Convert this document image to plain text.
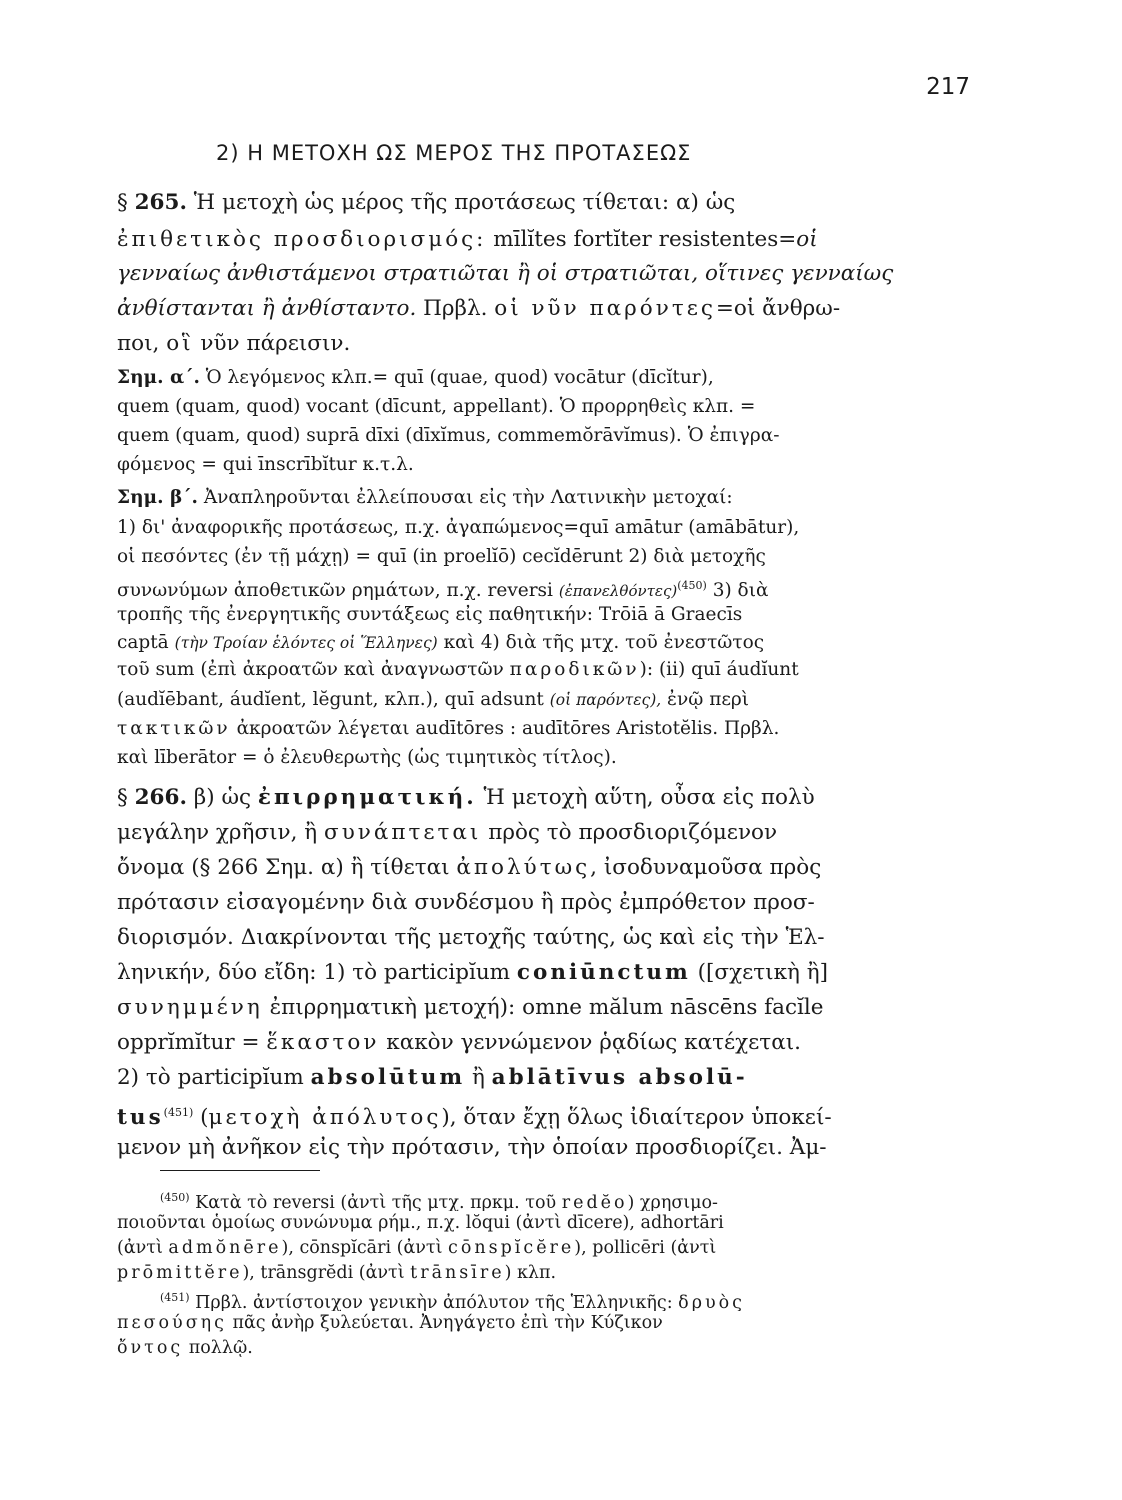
217
2) Η ΜΕΤΟΧΗ ΩΣ ΜΕΡΟΣ ΤΗΣ ΠΡΟΤΑΣΕΩΣ
§ 265. Ἡ μετοχὴ ὡς μέρος τῆς προτάσεως τίθεται: α) ὡς
ἐπιθετικὸς προσδιορισμός: mīlĭtes fortĭter resistentes=οἱ
γενναίως ἀνθιστάμενοι στρατιῶται ἢ οἱ στρατιῶται, οἵτινες γενναίως
ἀνθίστανται ἢ ἀνθίσταντο. Πρβλ. οἱ νῦν παρόντες=οἱ ἄνθρω-
ποι, οἳ νῦν πάρεισιν.
Σημ. α΄. Ὁ λεγόμενος κλπ.= quī (quae, quod) vocātur (dīcĭtur),
quem (quam, quod) vocant (dīcunt, appellant). Ὁ προρρηθεὶς κλπ. =
quem (quam, quod) suprā dīxi (dīxĭmus, commemŏrāvĭmus). Ὁ ἐπιγρα-
φόμενος = qui īnscrībĭtur κ.τ.λ.
Σημ. β΄. Ἀναπληροῦνται ἐλλείπουσαι εἰς τὴν Λατινικὴν μετοχαί:
1) δι' ἀναφορικῆς προτάσεως, π.χ. ἀγαπώμενος=quī amātur (amābātur),
οἱ πεσόντες (ἐν τῇ μάχῃ) = quī (in proelĭō) cecĭdērunt 2) διὰ μετοχῆς
συνωνύμων ἀποθετικῶν ρημάτων, π.χ. reversi (ἐπανελθόντες)$^{(450)}$ 3) διὰ
τροπῆς τῆς ἐνεργητικῆς συντάξεως εἰς παθητικήν: Trōiā ā Graecīs
captā (τὴν Τροίαν ἑλόντες οἱ Ἕλληνες) καὶ 4) διὰ τῆς μτχ. τοῦ ἐνεστῶτος
τοῦ sum (ἐπὶ ἀκροατῶν καὶ ἀναγνωστῶν παροδικῶν): (ii) quī áudĭunt
(audĭēbant, áudĭent, lĕgunt, κλπ.), quī adsunt (οἱ παρόντες), ἐνῷ περὶ
τακτικῶν ἀκροατῶν λέγεται audītōres : audītōres Aristotĕlis. Πρβλ.
καὶ līberātor = ὁ ἐλευθερωτὴς (ὡς τιμητικὸς τίτλος).
§ 266. β) ὡς ἐπιρρηματική. Ἡ μετοχὴ αὕτη, οὖσα εἰς πολὺ
μεγάλην χρῆσιν, ἢ συνάπτεται πρὸς τὸ προσδιοριζόμενον
ὄνομα (§ 266 Σημ. α) ἢ τίθεται ἀπολύτως, ἰσοδυναμοῦσα πρὸς
πρότασιν εἰσαγομένην διὰ συνδέσμου ἢ πρὸς ἐμπρόθετον προσ-
διορισμόν. Διακρίνονται τῆς μετοχῆς ταύτης, ὡς καὶ εἰς τὴν Ἑλ-
ληνικήν, δύο εἴδη: 1) τὸ participĭum coniūnctum ([σχετικὴ ἢ]
συνημμένη ἐπιρρηματικὴ μετοχή): omne mălum nāscēns facĭle
opprĭmĭtur = ἕκαστον κακὸν γεννώμενον ῥᾳδίως κατέχεται.
2) τὸ participĭum absolūtum ἢ ablātīvus absolū-
tus$^{(451)}$ (μετοχὴ ἀπόλυτος), ὅταν ἔχῃ ὅλως ἰδιαίτερον ὑποκεί-
μενον μὴ ἀνῆκον εἰς τὴν πρότασιν, τὴν ὁποίαν προσδιορίζει. Ἀμ-
$^{(450)}$ Κατὰ τὸ reversi (ἀντὶ τῆς μτχ. πρκμ. τοῦ redĕo) χρησιμο-
ποιοῦνται ὁμοίως συνώνυμα ρήμ., π.χ. lŏqui (ἀντὶ dīcere), adhortāri
(ἀντὶ admŏnēre), cōnspĭcāri (ἀντὶ cōnspĭcĕre), pollicēri (ἀντὶ
prōmittĕre), trānsgrĕdi (ἀντὶ trānsīre) κλπ.
$^{(451)}$ Πρβλ. ἀντίστοιχον γενικὴν ἀπόλυτον τῆς Ἑλληνικῆς: δρυὸς
πεσούσης πᾶς ἀνὴρ ξυλεύεται. Ἀνηγάγετο ἐπὶ τὴν Κύζικον
ὄντος πολλῷ.
